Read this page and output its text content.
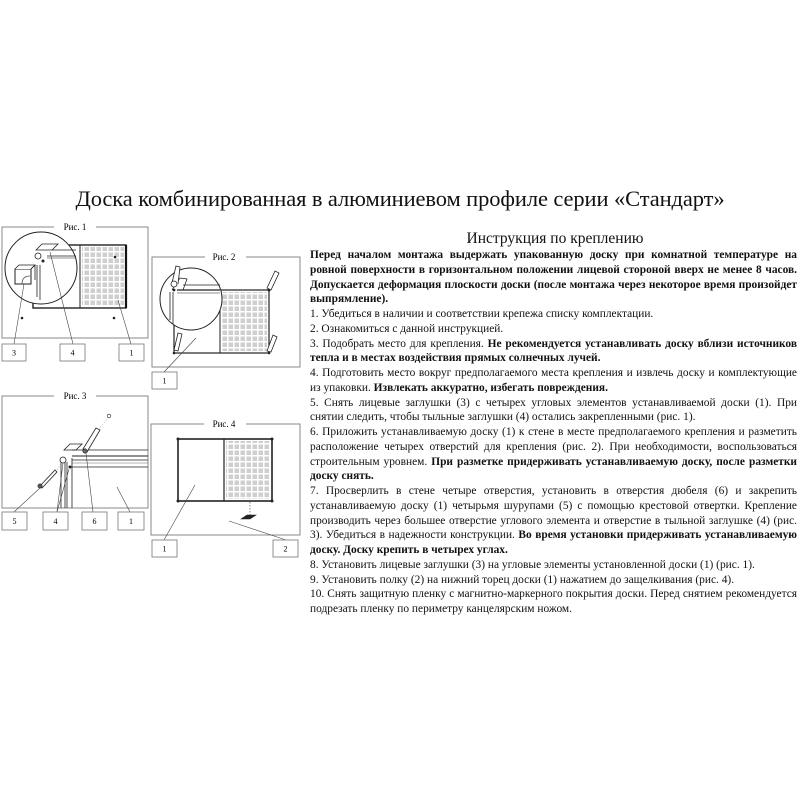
Доска комбинированная в алюминиевом профиле серии «Стандарт»
Рис. 1
3	4	1
Рис. 2
1
Рис. 3
5	4	6	1
Рис. 4
1	2
Инструкция по креплению

Перед началом монтажа выдержать упакованную доску при комнатной температуре на ровной поверхности в горизонтальном положении лицевой стороной вверх не менее 8 часов. Допускается деформация плоскости доски (после монтажа через некоторое время произойдет выпрямление).

1. Убедиться в наличии и соответствии крепежа списку комплектации.

2. Ознакомиться с данной инструкцией.

3. Подобрать место для крепления. Не рекомендуется устанавливать доску вблизи источников тепла и в местах воздействия прямых солнечных лучей.

4. Подготовить место вокруг предполагаемого места крепления и извлечь доску и комплектующие из упаковки. Извлекать аккуратно, избегать повреждения.

5. Снять лицевые заглушки (3) с четырех угловых элементов устанавливаемой доски (1). При снятии следить, чтобы тыльные заглушки (4) остались закрепленными (рис. 1).

6. Приложить устанавливаемую доску (1) к стене в месте предполагаемого крепления и разметить расположение четырех отверстий для крепления (рис. 2). При необходимости, воспользоваться строительным уровнем. При разметке придерживать устанавливаемую доску, после разметки доску снять.

7. Просверлить в стене четыре отверстия, установить в отверстия дюбеля (6) и закрепить устанавливаемую доску (1) четырьмя шурупами (5) с помощью крестовой отвертки. Крепление производить через большее отверстие углового элемента и отверстие в тыльной заглушке (4) (рис. 3). Убедиться в надежности конструкции. Во время установки придерживать устанавливаемую доску. Доску крепить в четырех углах.

8. Установить лицевые заглушки (3) на угловые элементы установленной доски (1) (рис. 1).

9. Установить полку (2) на нижний торец доски (1) нажатием до защелкивания (рис. 4).

10. Снять защитную пленку с магнитно-маркерного покрытия доски. Перед снятием рекомендуется подрезать пленку по периметру канцелярским ножом.
